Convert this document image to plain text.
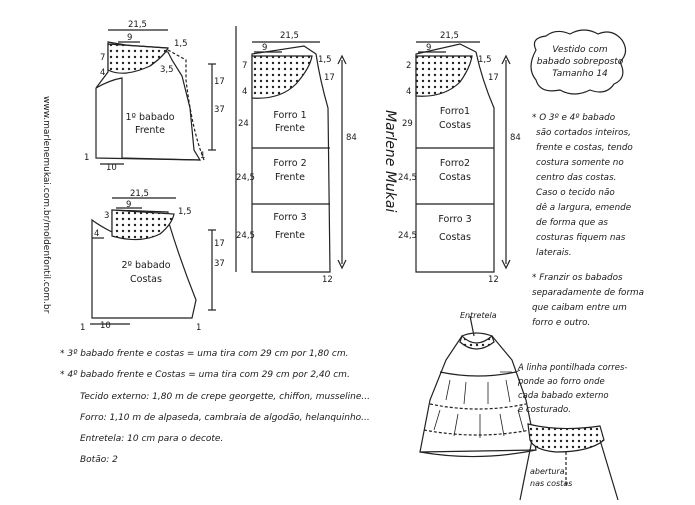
21,5
9
1,5
7
4	3,5
17
37
10
1	1
21,5
9
1,5
3
4
17
37
10
1	1
21,5
9
1,5
7
4
17
24
24,5
24,5
84
12
21,5
9
1,5
2
4
17
29
24,5
24,5
84
12
1º babado
Frente
2º babado
Costas
Forro 1
Frente
Forro 2
Frente
Forro 3
Frente
Forro1
Costas
Forro2
Costas
Forro 3
Costas
www.marlenemukai.com.br/moldenfontil.com.br	Marlene Mukai
Vestido com
babado sobreposto
Tamanho 14
* O 3º e 4º babado
são cortados inteiros,
frente e costas, tendo
costura somente no
centro das costas.
Caso o tecido não
dê a largura, emende
de forma que as
costuras fiquem nas
laterais.
* Franzir os babados
separadamente de forma
que caibam entre um
forro e outro.
A linha pontilhada corres-
ponde ao forro onde
cada babado externo
é costurado.
Entretela
abertura
nas costas
* 3º babado frente e costas = uma tira com 29 cm por 1,80 cm.
* 4º babado frente e Costas = uma tira com 29 cm por 2,40 cm.
Tecido externo: 1,80 m de crepe georgette, chiffon, musseline...
Forro: 1,10 m de alpaseda, cambraia de algodão, helanquinho...
Entretela: 10 cm para o decote.
Botão: 2
